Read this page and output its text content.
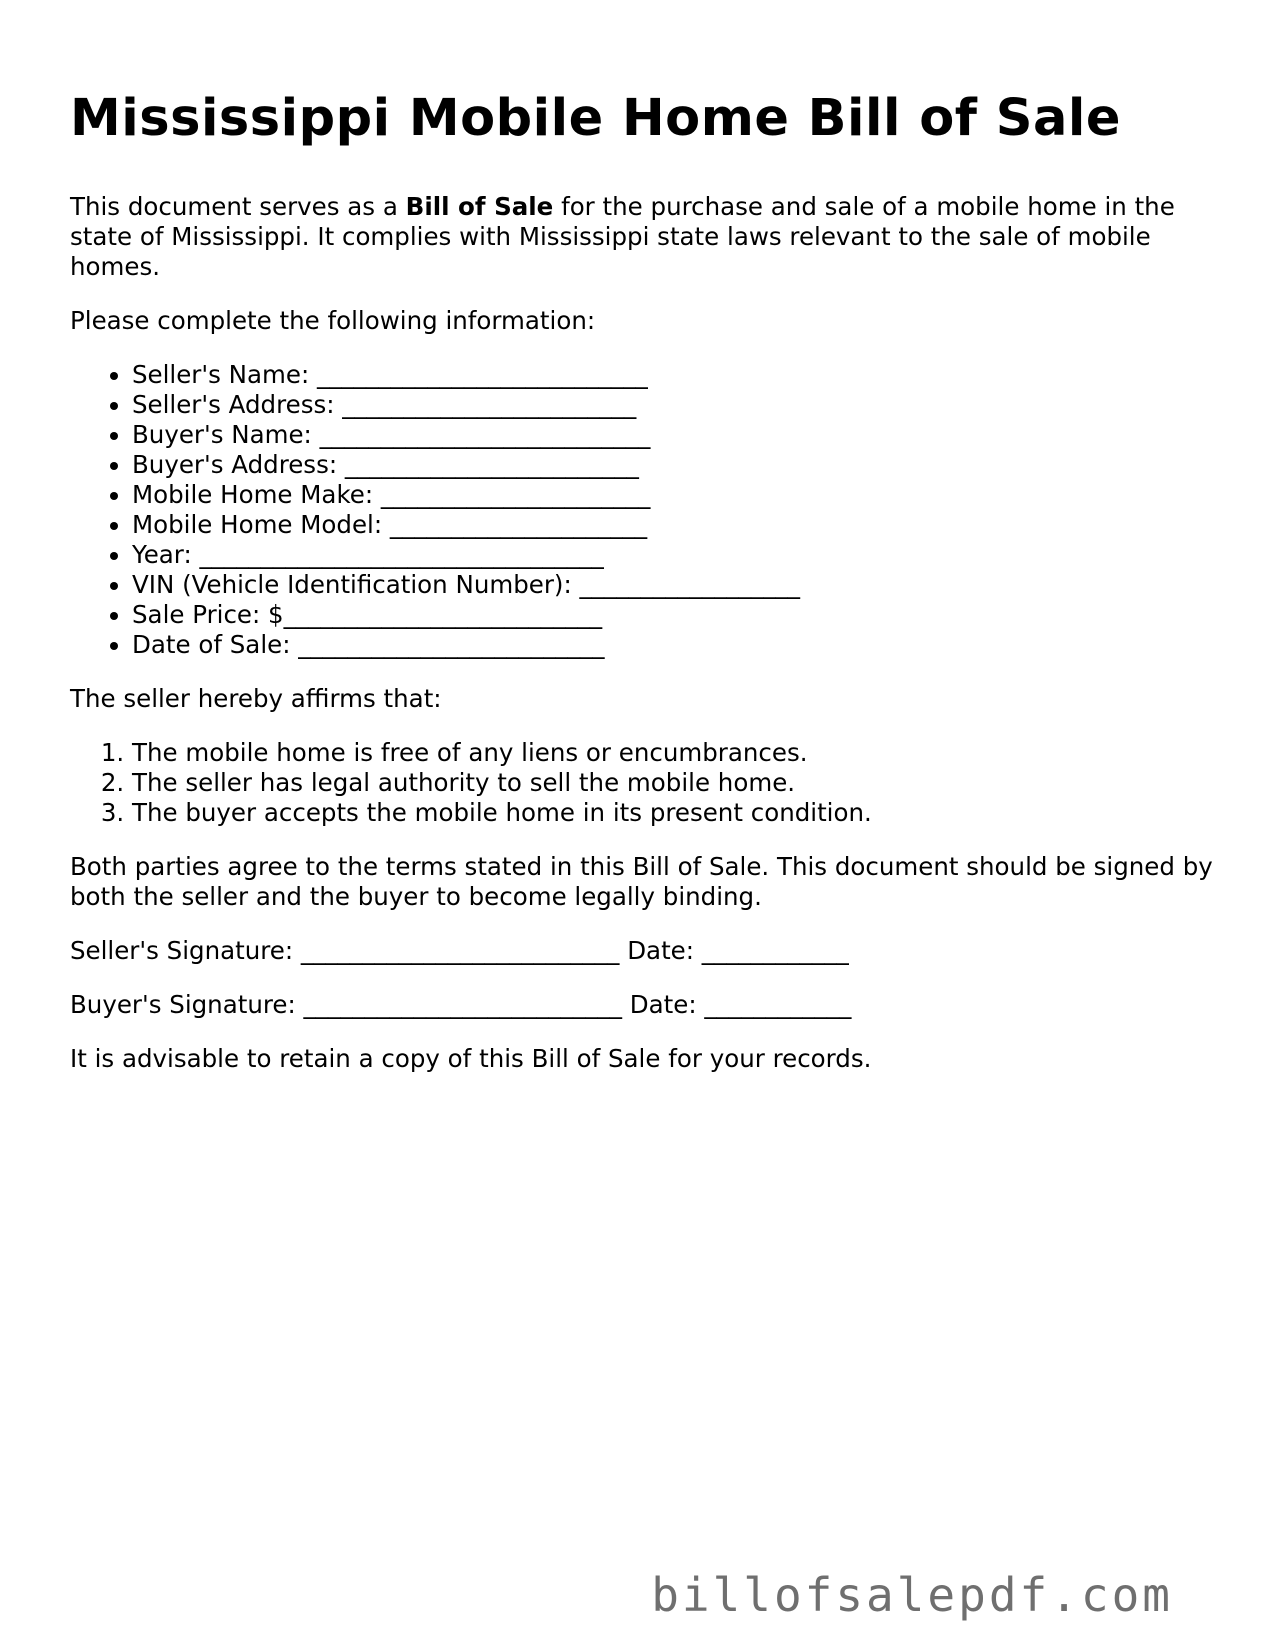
Mississippi Mobile Home Bill of Sale

This document serves as a Bill of Sale for the purchase and sale of a mobile home in the state of Mississippi. It complies with Mississippi state laws relevant to the sale of mobile homes.

Please complete the following information:

• Seller's Name: ___________________________
• Seller's Address: ________________________
• Buyer's Name: ___________________________
• Buyer's Address: ________________________
• Mobile Home Make: ______________________
• Mobile Home Model: _____________________
• Year: _________________________________
• VIN (Vehicle Identification Number): __________________
• Sale Price: $__________________________
• Date of Sale: _________________________

The seller hereby affirms that:

1. The mobile home is free of any liens or encumbrances.
2. The seller has legal authority to sell the mobile home.
3. The buyer accepts the mobile home in its present condition.

Both parties agree to the terms stated in this Bill of Sale. This document should be signed by both the seller and the buyer to become legally binding.

Seller's Signature: __________________________ Date: ____________

Buyer's Signature: __________________________ Date: ____________

It is advisable to retain a copy of this Bill of Sale for your records.

billofsalepdf.com
